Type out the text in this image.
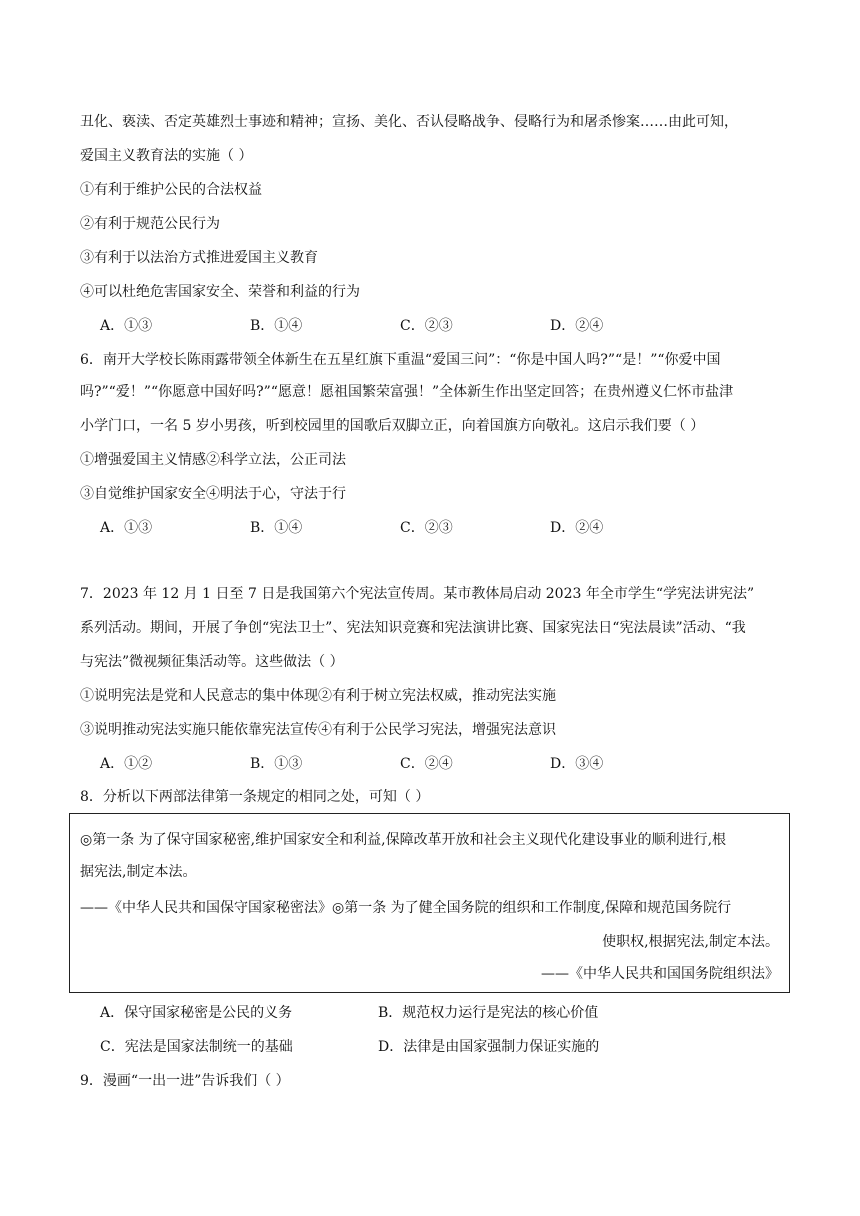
丑化、亵渎、否定英雄烈士事迹和精神；宣扬、美化、否认侵略战争、侵略行为和屠杀惨案……由此可知，
爱国主义教育法的实施（ ）
①有利于维护公民的合法权益
②有利于规范公民行为
③有利于以法治方式推进爱国主义教育
④可以杜绝危害国家安全、荣誉和利益的行为
A．①③	B．①④	C．②③	D．②④
6．南开大学校长陈雨露带领全体新生在五星红旗下重温“爱国三问”：“你是中国人吗?”“是！”“你爱中国
吗?”“爱！”“你愿意中国好吗?”“愿意！愿祖国繁荣富强！”全体新生作出坚定回答；在贵州遵义仁怀市盐津
小学门口，一名 5 岁小男孩，听到校园里的国歌后双脚立正，向着国旗方向敬礼。这启示我们要（ ）
①增强爱国主义情感②科学立法，公正司法
③自觉维护国家安全④明法于心，守法于行
A．①③	B．①④	C．②③	D．②④
7．2023 年 12 月 1 日至 7 日是我国第六个宪法宣传周。某市教体局启动 2023 年全市学生“学宪法讲宪法”
系列活动。期间，开展了争创“宪法卫士”、宪法知识竞赛和宪法演讲比赛、国家宪法日“宪法晨读”活动、“我
与宪法”微视频征集活动等。这些做法（ ）
①说明宪法是党和人民意志的集中体现②有利于树立宪法权威，推动宪法实施
③说明推动宪法实施只能依靠宪法宣传④有利于公民学习宪法，增强宪法意识
A．①②	B．①③	C．②④	D．③④
8．分析以下两部法律第一条规定的相同之处，可知（ ）
◎第一条 为了保守国家秘密,维护国家安全和利益,保障改革开放和社会主义现代化建设事业的顺利进行,根
据宪法,制定本法。
——《中华人民共和国保守国家秘密法》◎第一条 为了健全国务院的组织和工作制度,保障和规范国务院行
使职权,根据宪法,制定本法。
——《中华人民共和国国务院组织法》
A．保守国家秘密是公民的义务	B．规范权力运行是宪法的核心价值
C．宪法是国家法制统一的基础	D．法律是由国家强制力保证实施的
9．漫画“一出一进”告诉我们（ ）
